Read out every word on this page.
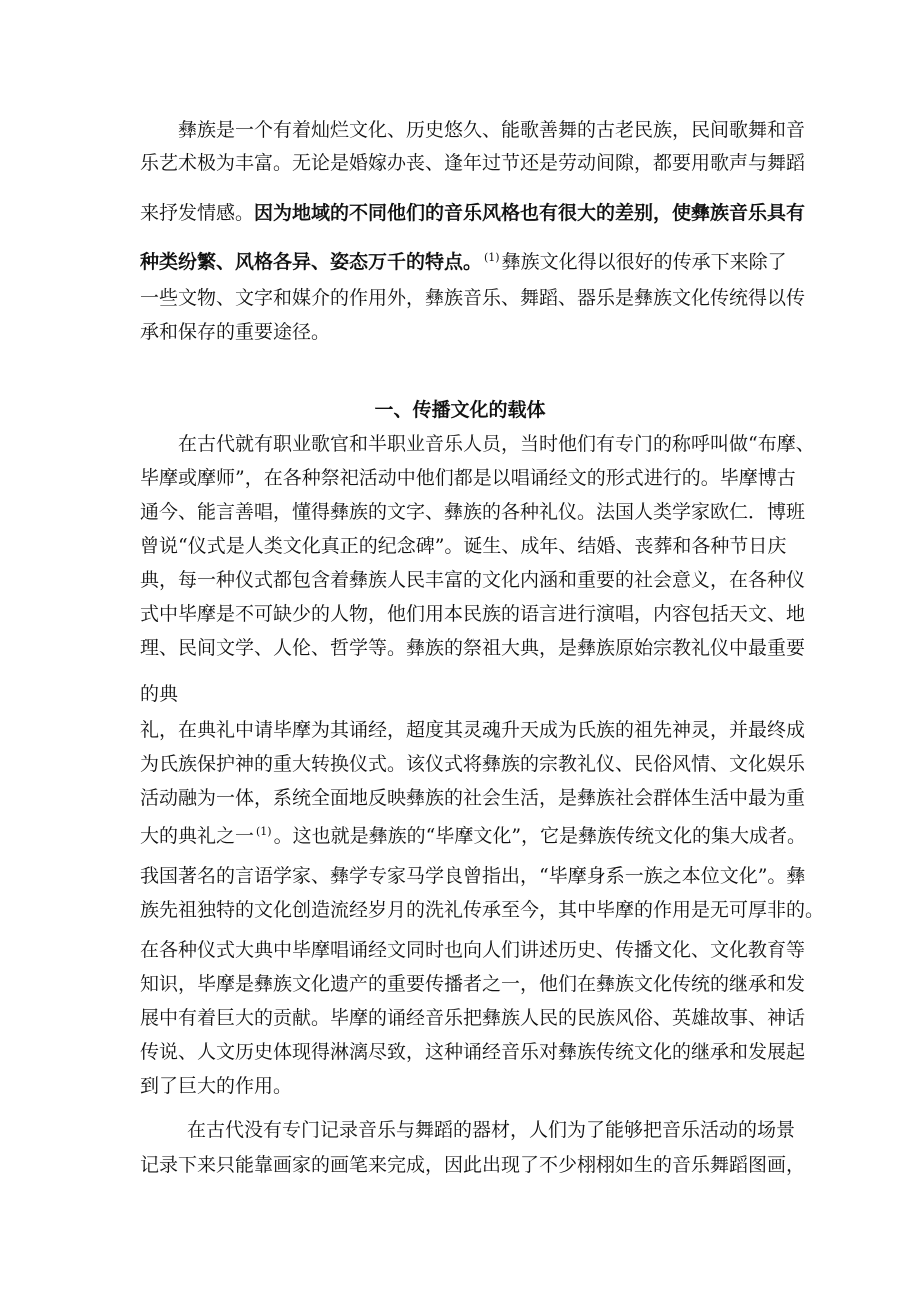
彝族是一个有着灿烂文化、历史悠久、能歌善舞的古老民族，民间歌舞和音
乐艺术极为丰富。无论是婚嫁办丧、逢年过节还是劳动间隙，都要用歌声与舞蹈
来抒发情感。因为地域的不同他们的音乐风格也有很大的差别，使彝族音乐具有
种类纷繁、风格各异、姿态万千的特点。 $^{(1)}$ 彝族文化得以很好的传承下来除了
一些文物、文字和媒介的作用外，彝族音乐、舞蹈、器乐是彝族文化传统得以传
承和保存的重要途径。
一、传播文化的载体
在古代就有职业歌官和半职业音乐人员，当时他们有专门的称呼叫做“布摩、
毕摩或摩师”，在各种祭祀活动中他们都是以唱诵经文的形式进行的。毕摩博古
通今、能言善唱，懂得彝族的文字、彝族的各种礼仪。法国人类学家欧仁．博班
曾说“仪式是人类文化真正的纪念碑”。诞生、成年、结婚、丧葬和各种节日庆
典，每一种仪式都包含着彝族人民丰富的文化内涵和重要的社会意义，在各种仪
式中毕摩是不可缺少的人物，他们用本民族的语言进行演唱，内容包括天文、地
理、民间文学、人伦、哲学等。彝族的祭祖大典，是彝族原始宗教礼仪中最重要
的典
礼，在典礼中请毕摩为其诵经，超度其灵魂升天成为氏族的祖先神灵，并最终成
为氏族保护神的重大转换仪式。该仪式将彝族的宗教礼仪、民俗风情、文化娱乐
活动融为一体，系统全面地反映彝族的社会生活，是彝族社会群体生活中最为重
大的典礼之一 $^{(1)}$ 。这也就是彝族的“毕摩文化”，它是彝族传统文化的集大成者。
我国著名的言语学家、彝学专家马学良曾指出，“毕摩身系一族之本位文化”。彝
族先祖独特的文化创造流经岁月的洗礼传承至今，其中毕摩的作用是无可厚非的。
在各种仪式大典中毕摩唱诵经文同时也向人们讲述历史、传播文化、文化教育等
知识，毕摩是彝族文化遗产的重要传播者之一，他们在彝族文化传统的继承和发
展中有着巨大的贡献。毕摩的诵经音乐把彝族人民的民族风俗、英雄故事、神话
传说、人文历史体现得淋漓尽致，这种诵经音乐对彝族传统文化的继承和发展起
到了巨大的作用。
在古代没有专门记录音乐与舞蹈的器材，人们为了能够把音乐活动的场景
记录下来只能靠画家的画笔来完成，因此出现了不少栩栩如生的音乐舞蹈图画，
